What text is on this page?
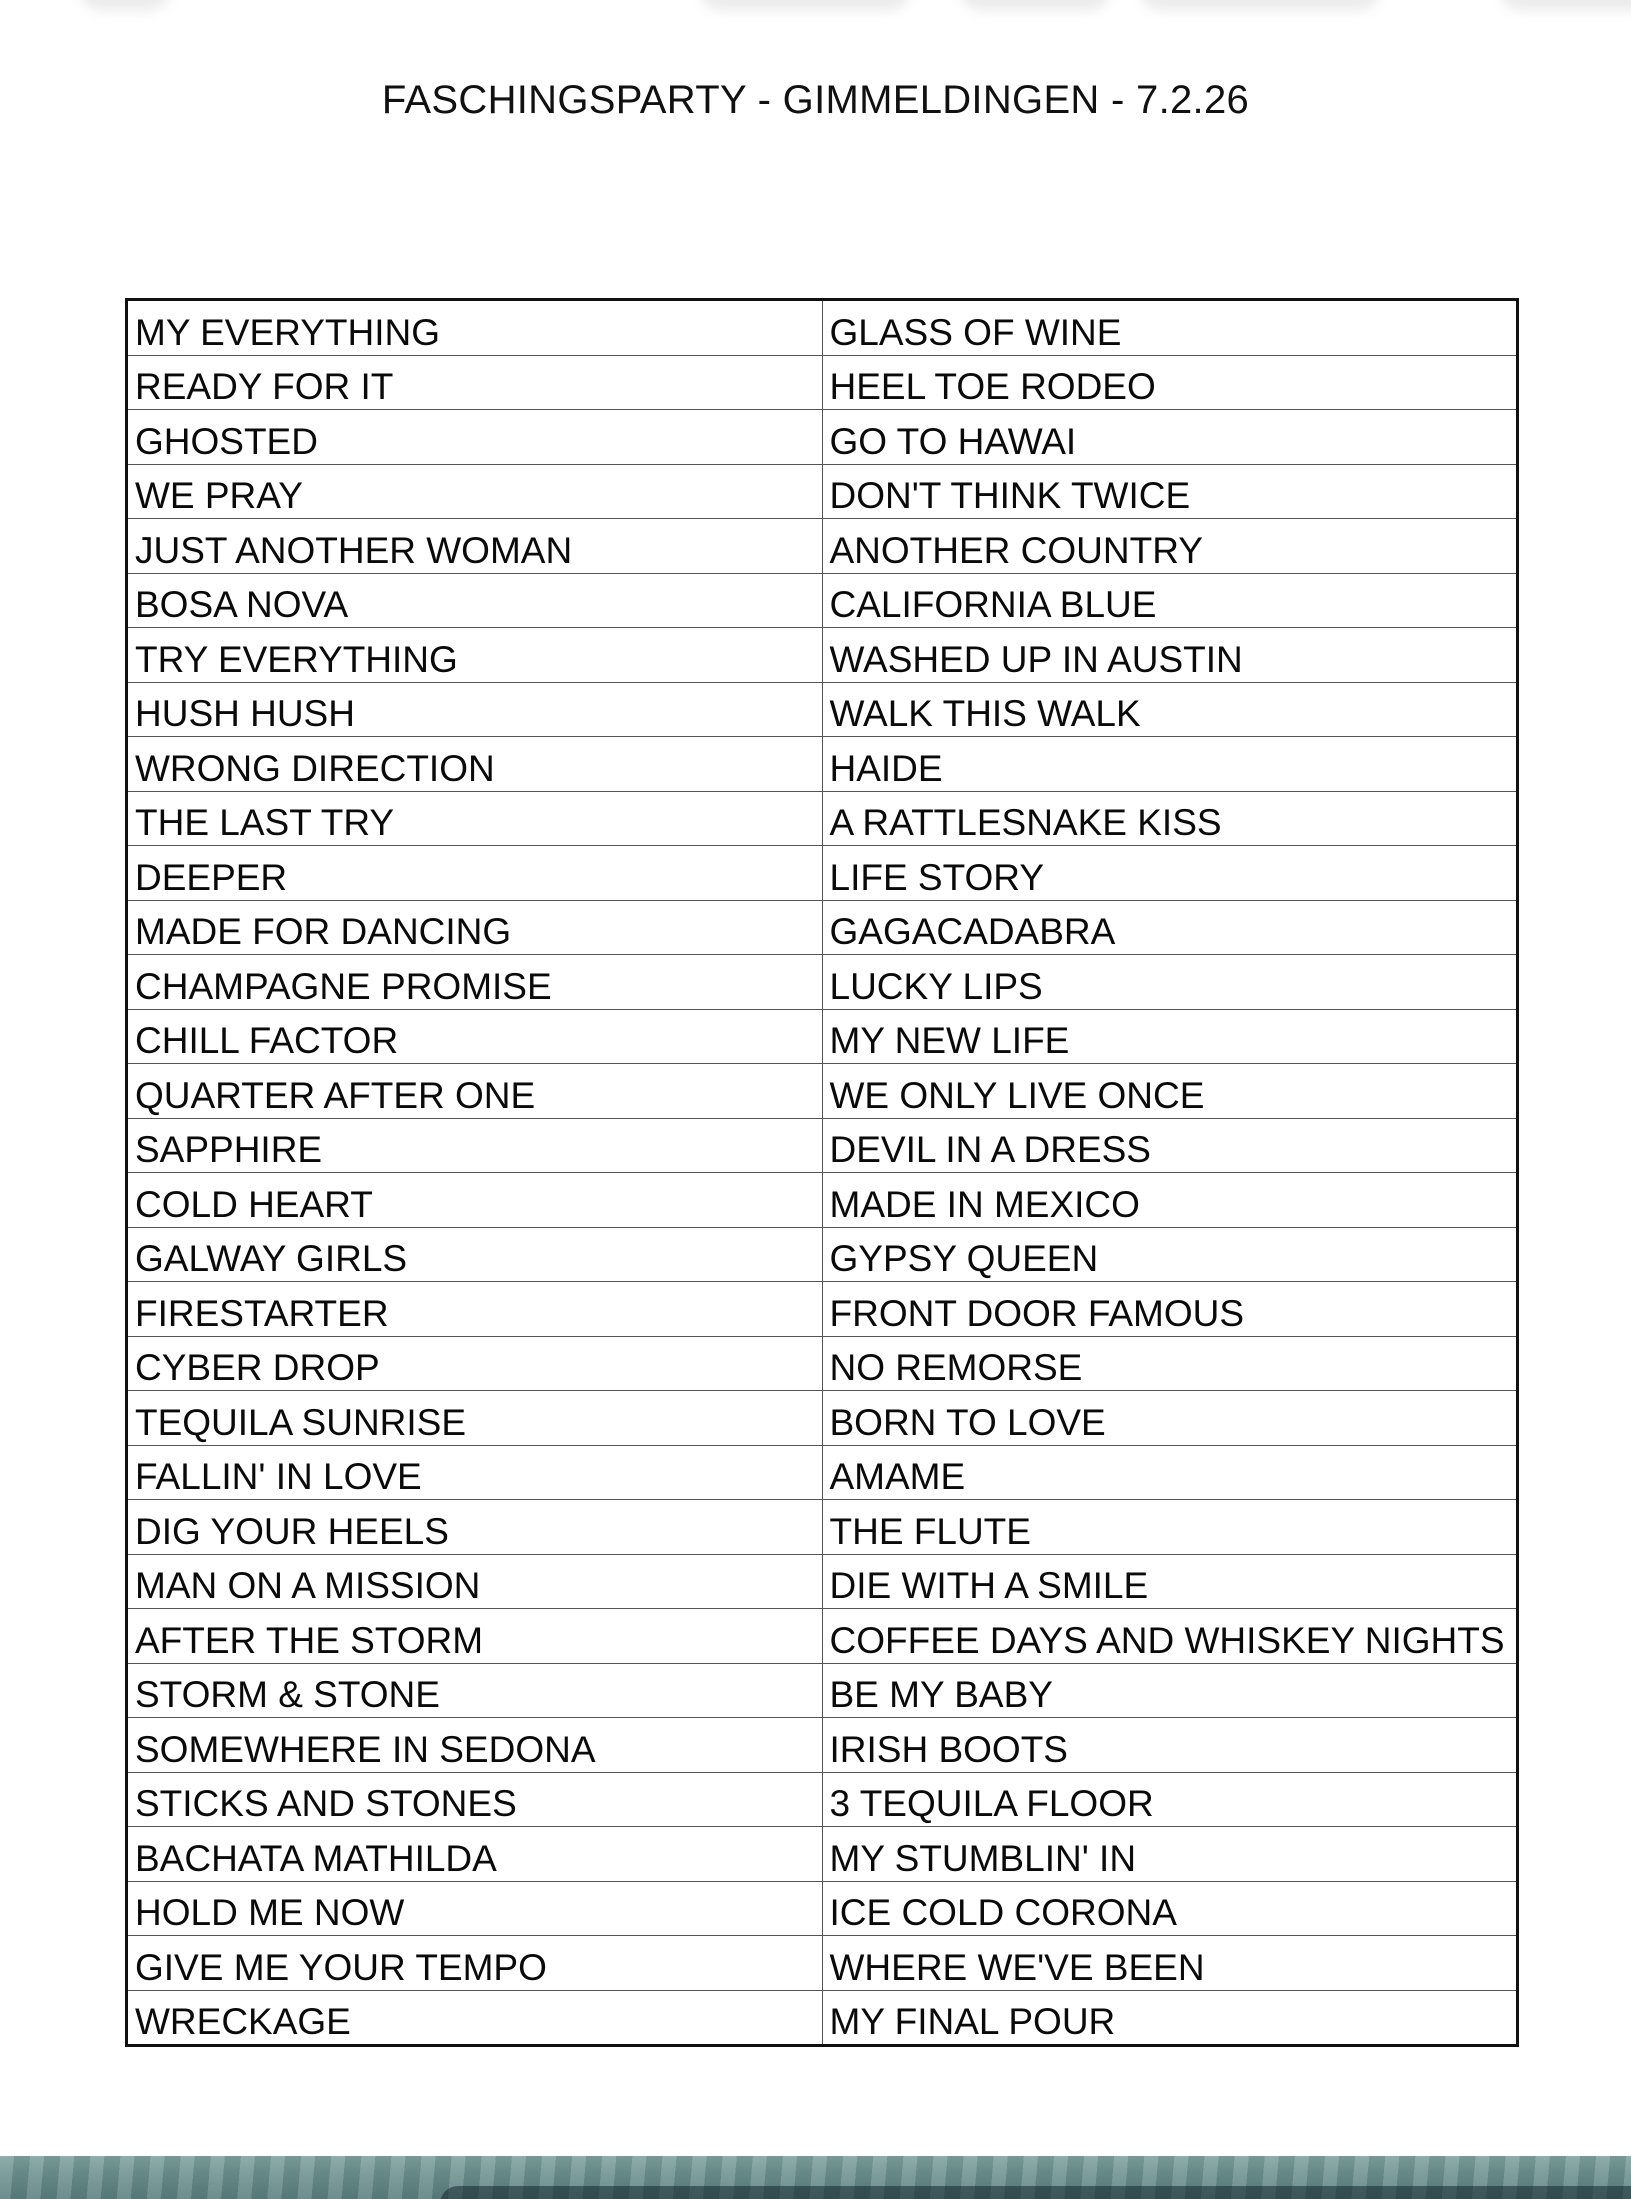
FASCHINGSPARTY - GIMMELDINGEN - 7.2.26
MY EVERYTHING	GLASS OF WINE
READY FOR IT	HEEL TOE RODEO
GHOSTED	GO TO HAWAI
WE PRAY	DON'T THINK TWICE
JUST ANOTHER WOMAN	ANOTHER COUNTRY
BOSA NOVA	CALIFORNIA BLUE
TRY EVERYTHING	WASHED UP IN AUSTIN
HUSH HUSH	WALK THIS WALK
WRONG DIRECTION	HAIDE
THE LAST TRY	A RATTLESNAKE KISS
DEEPER	LIFE STORY
MADE FOR DANCING	GAGACADABRA
CHAMPAGNE PROMISE	LUCKY LIPS
CHILL FACTOR	MY NEW LIFE
QUARTER AFTER ONE	WE ONLY LIVE ONCE
SAPPHIRE	DEVIL IN A DRESS
COLD HEART	MADE IN MEXICO
GALWAY GIRLS	GYPSY QUEEN
FIRESTARTER	FRONT DOOR FAMOUS
CYBER DROP	NO REMORSE
TEQUILA SUNRISE	BORN TO LOVE
FALLIN' IN LOVE	AMAME
DIG YOUR HEELS	THE FLUTE
MAN ON A MISSION	DIE WITH A SMILE
AFTER THE STORM	COFFEE DAYS AND WHISKEY NIGHTS
STORM & STONE	BE MY BABY
SOMEWHERE IN SEDONA	IRISH BOOTS
STICKS AND STONES	3 TEQUILA FLOOR
BACHATA MATHILDA	MY STUMBLIN' IN
HOLD ME NOW	ICE COLD CORONA
GIVE ME YOUR TEMPO	WHERE WE'VE BEEN
WRECKAGE	MY FINAL POUR
